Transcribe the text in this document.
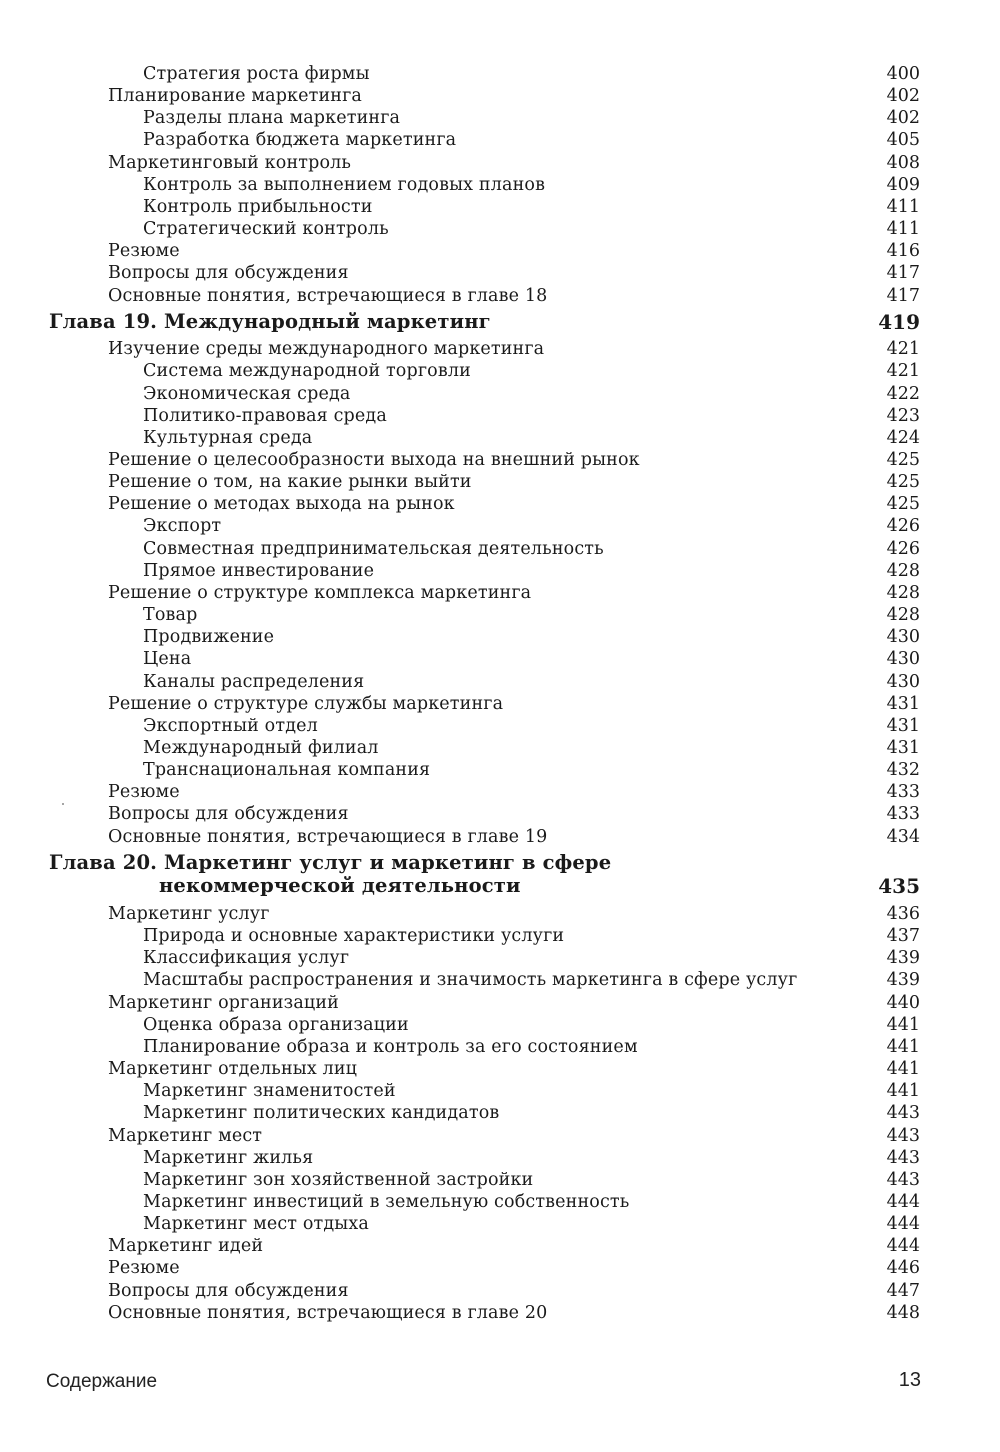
Стратегия роста фирмы	400
Планирование маркетинга	402
Разделы плана маркетинга	402
Разработка бюджета маркетинга	405
Маркетинговый контроль	408
Контроль за выполнением годовых планов	409
Контроль прибыльности	411
Стратегический контроль	411
Резюме	416
Вопросы для обсуждения	417
Основные понятия, встречающиеся в главе 18	417
Глава 19. Международный маркетинг	419
Изучение среды международного маркетинга	421
Система международной торговли	421
Экономическая среда	422
Политико-правовая среда	423
Культурная среда	424
Решение о целесообразности выхода на внешний рынок	425
Решение о том, на какие рынки выйти	425
Решение о методах выхода на рынок	425
Экспорт	426
Совместная предпринимательская деятельность	426
Прямое инвестирование	428
Решение о структуре комплекса маркетинга	428
Товар	428
Продвижение	430
Цена	430
Каналы распределения	430
Решение о структуре службы маркетинга	431
Экспортный отдел	431
Международный филиал	431
Транснациональная компания	432
Резюме	433
Вопросы для обсуждения	433
Основные понятия, встречающиеся в главе 19	434
Глава 20. Маркетинг услуг и маркетинг в сфере
некоммерческой деятельности	435
Маркетинг услуг	436
Природа и основные характеристики услуги	437
Классификация услуг	439
Масштабы распространения и значимость маркетинга в сфере услуг	439
Маркетинг организаций	440
Оценка образа организации	441
Планирование образа и контроль за его состоянием	441
Маркетинг отдельных лиц	441
Маркетинг знаменитостей	441
Маркетинг политических кандидатов	443
Маркетинг мест	443
Маркетинг жилья	443
Маркетинг зон хозяйственной застройки	443
Маркетинг инвестиций в земельную собственность	444
Маркетинг мест отдыха	444
Маркетинг идей	444
Резюме	446
Вопросы для обсуждения	447
Основные понятия, встречающиеся в главе 20	448
Содержание	13
